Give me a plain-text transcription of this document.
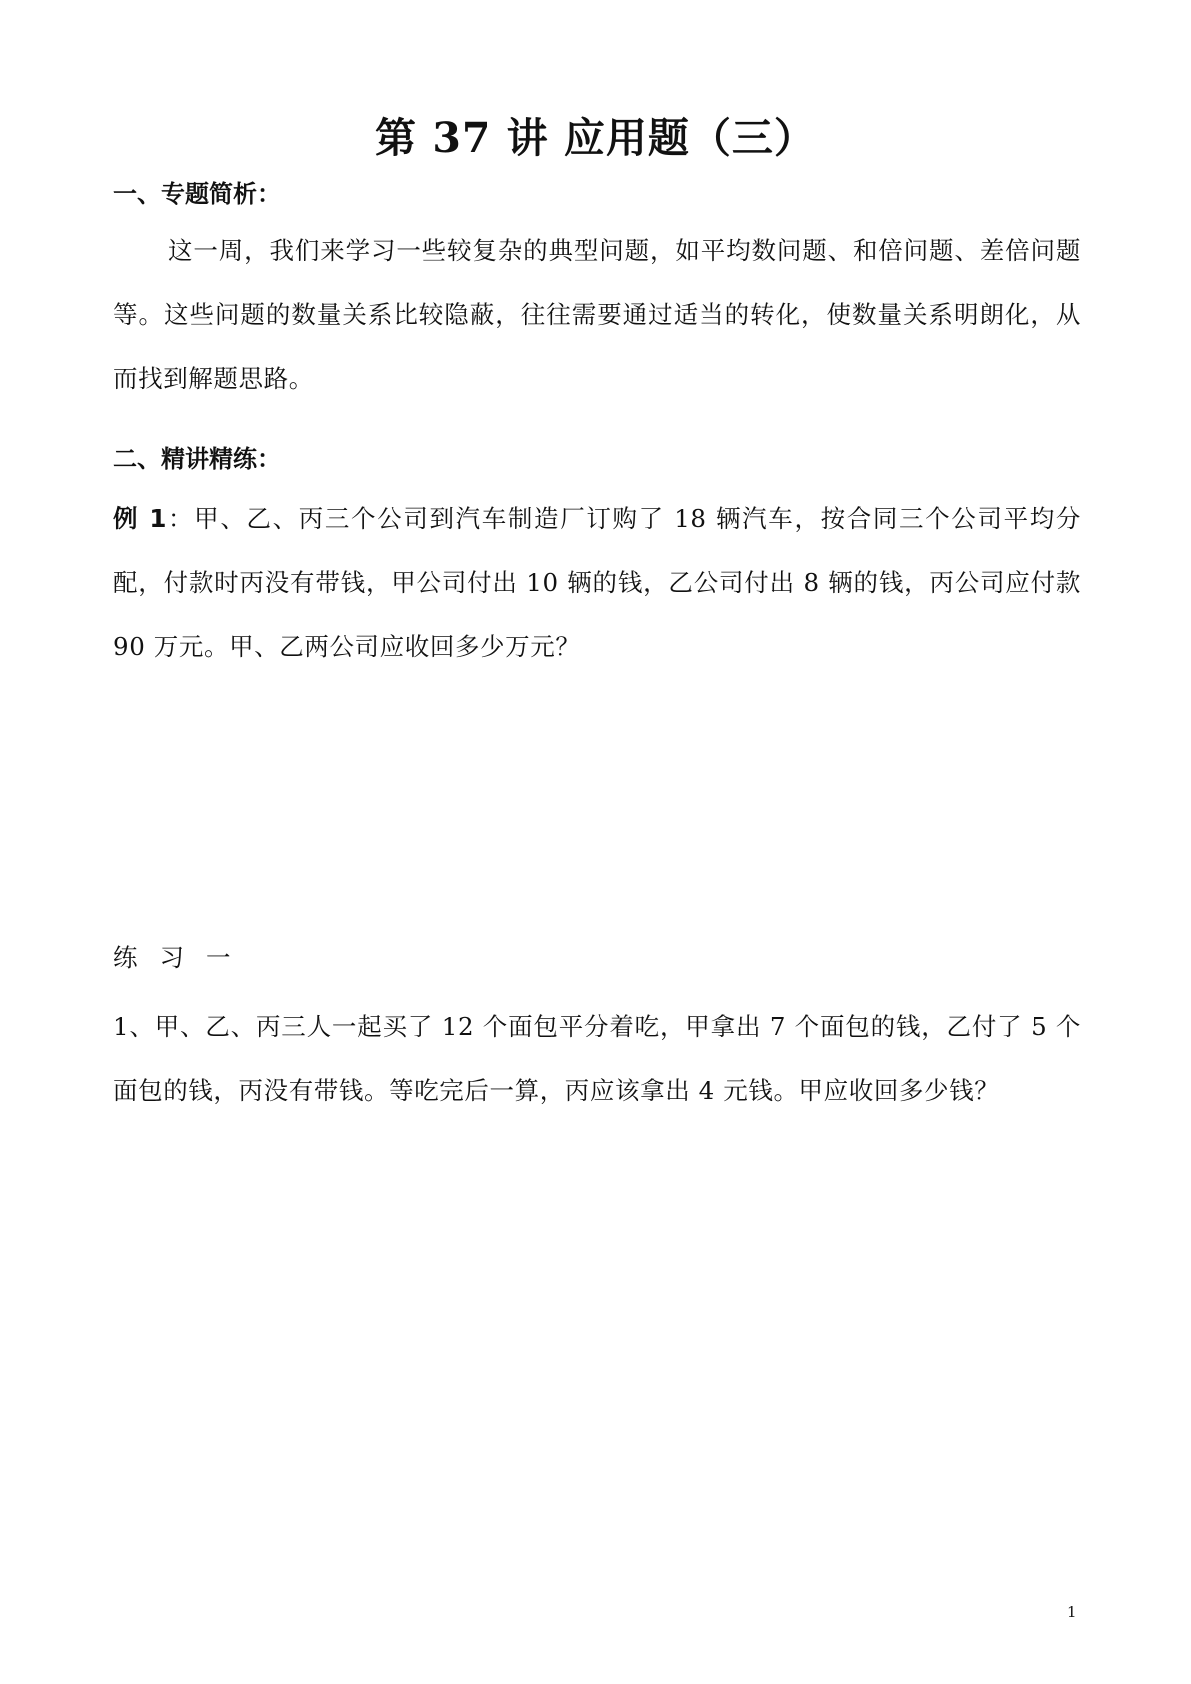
第 37 讲 应用题（三）
一、专题简析：
这一周，我们来学习一些较复杂的典型问题，如平均数问题、和倍问题、差倍问题等。这些问题的数量关系比较隐蔽，往往需要通过适当的转化，使数量关系明朗化，从而找到解题思路。
二、精讲精练：
例 1：甲、乙、丙三个公司到汽车制造厂订购了 18 辆汽车，按合同三个公司平均分配，付款时丙没有带钱，甲公司付出 10 辆的钱，乙公司付出 8 辆的钱，丙公司应付款 90 万元。甲、乙两公司应收回多少万元？
练习一
1、甲、乙、丙三人一起买了 12 个面包平分着吃，甲拿出 7 个面包的钱，乙付了 5 个面包的钱，丙没有带钱。等吃完后一算，丙应该拿出 4 元钱。甲应收回多少钱？
1
